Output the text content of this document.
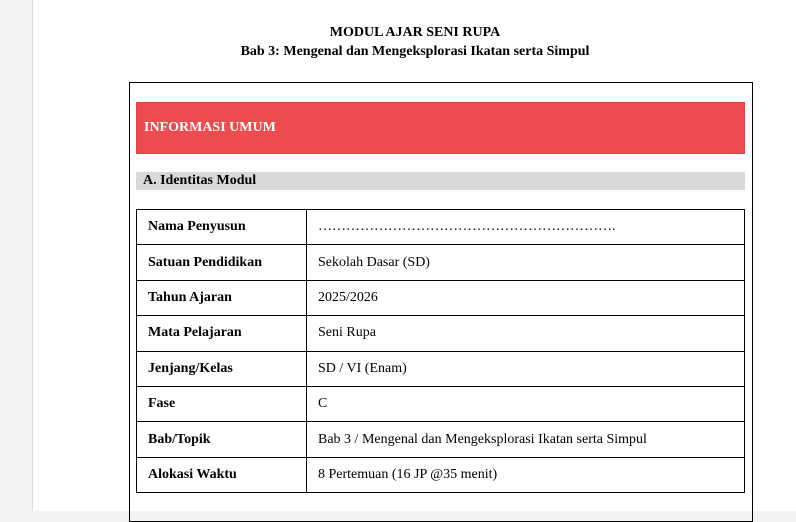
MODUL AJAR SENI RUPA
Bab 3: Mengenal dan Mengeksplorasi Ikatan serta Simpul
INFORMASI UMUM
A. Identitas Modul
Nama Penyusun	……………………………………………………….
Satuan Pendidikan	Sekolah Dasar (SD)
Tahun Ajaran	2025/2026
Mata Pelajaran	Seni Rupa
Jenjang/Kelas	SD / VI (Enam)
Fase	C
Bab/Topik	Bab 3 / Mengenal dan Mengeksplorasi Ikatan serta Simpul
Alokasi Waktu	8 Pertemuan (16 JP @35 menit)
